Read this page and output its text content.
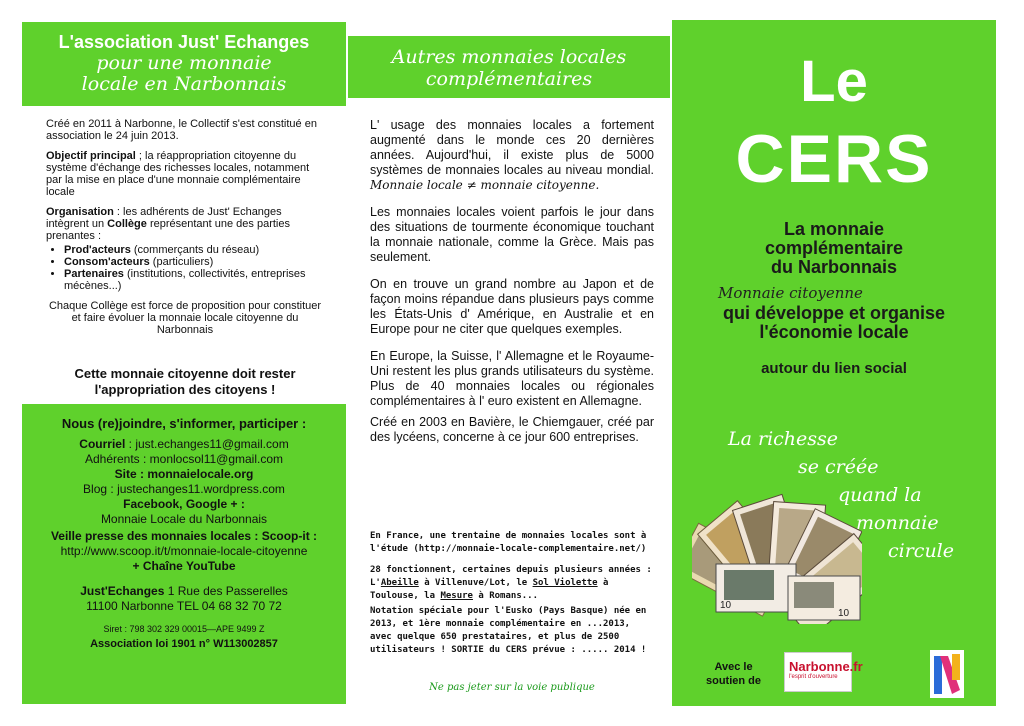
L'association Just' Echanges
pour une monnaie
locale en Narbonnais

Créé en 2011 à Narbonne, le Collectif s'est constitué en association le 24 juin 2013.

Objectif principal ; la réappropriation citoyenne du système d'échange des richesses locales, notamment par la mise en place d'une monnaie complémentaire locale

Organisation : les adhérents de Just' Echanges intègrent un Collège représentant une des parties prenantes :

• Prod'acteurs (commerçants du réseau)
• Consom'acteurs (particuliers)
• Partenaires (institutions, collectivités, entreprises mécènes...)

Chaque Collège est force de proposition pour constituer et faire évoluer la monnaie locale citoyenne du Narbonnais

Cette monnaie citoyenne doit rester
l'appropriation des citoyens !
Nous (re)joindre, s'informer, participer :
Courriel : just.echanges11@gmail.com
Adhérents : monlocsol11@gmail.com
Site : monnaielocale.org
Blog : justechanges11.wordpress.com
Facebook, Google + :
Monnaie Locale du Narbonnais
Veille presse des monnaies locales : Scoop-it :
http://www.scoop.it/t/monnaie-locale-citoyenne
+ Chaîne YouTube
Just'Echanges 1 Rue des Passerelles
11100 Narbonne TEL 04 68 32 70 72
Siret : 798 302 329 00015—APE 9499 Z
Association loi 1901 n° W113002857
Autres monnaies locales
complémentaires

L' usage des monnaies locales a fortement augmenté dans le monde ces 20 dernières années. Aujourd'hui, il existe plus de 5000 systèmes de monnaies locales au niveau mondial. Monnaie locale ≠ monnaie citoyenne.

Les monnaies locales voient parfois le jour dans des situations de tourmente économique touchant la monnaie nationale, comme la Grèce. Mais pas seulement.

On en trouve un grand nombre au Japon et de façon moins répandue dans plusieurs pays comme les États-Unis d' Amérique, en Australie et en Europe pour ne citer que quelques exemples.

En Europe, la Suisse, l' Allemagne et le Royaume-Uni restent les plus grands utilisateurs du système. Plus de 40 monnaies locales ou régionales complémentaires à l' euro existent en Allemagne.

Créé en 2003 en Bavière, le Chiemgauer, créé par des lycéens, concerne à ce jour 600 entreprises.

En France, une trentaine de monnaies locales sont à l'étude (http://monnaie-locale-complementaire.net/)

28 fonctionnent, certaines depuis plusieurs années : L'Abeille à Villenuve/Lot, le Sol Violette à Toulouse, la Mesure à Romans...

Notation spéciale pour l'Eusko (Pays Basque) née en 2013, et 1ère monnaie complémentaire en ...2013, avec quelque 650 prestataires, et plus de 2500 utilisateurs ! SORTIE du CERS prévue : ..... 2014 !

Ne pas jeter sur la voie publique
Le
CERS
La monnaie
complémentaire
du Narbonnais
Monnaie citoyenne
qui développe et organise
l'économie locale
autour du lien social
La richesse
se créée
quand la
monnaie
circule
10
10
Avec le
soutien de
Narbonne.fr
l'esprit d'ouverture
